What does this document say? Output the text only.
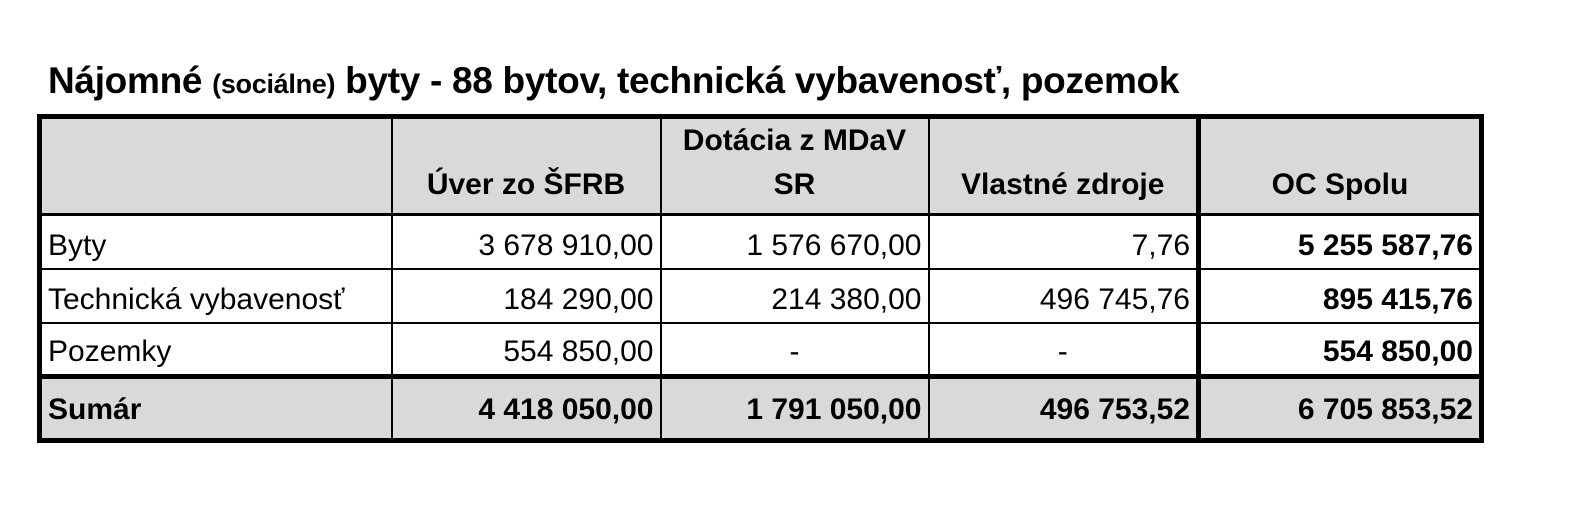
Nájomné (sociálne) byty - 88 bytov, technická vybavenosť, pozemok
	Úver zo ŠFRB	Dotácia z MDaV SR	Vlastné zdroje	OC Spolu
Byty	3 678 910,00	1 576 670,00	7,76	5 255 587,76
Technická vybavenosť	184 290,00	214 380,00	496 745,76	895 415,76
Pozemky	554 850,00	-	-	554 850,00
Sumár	4 418 050,00	1 791 050,00	496 753,52	6 705 853,52
